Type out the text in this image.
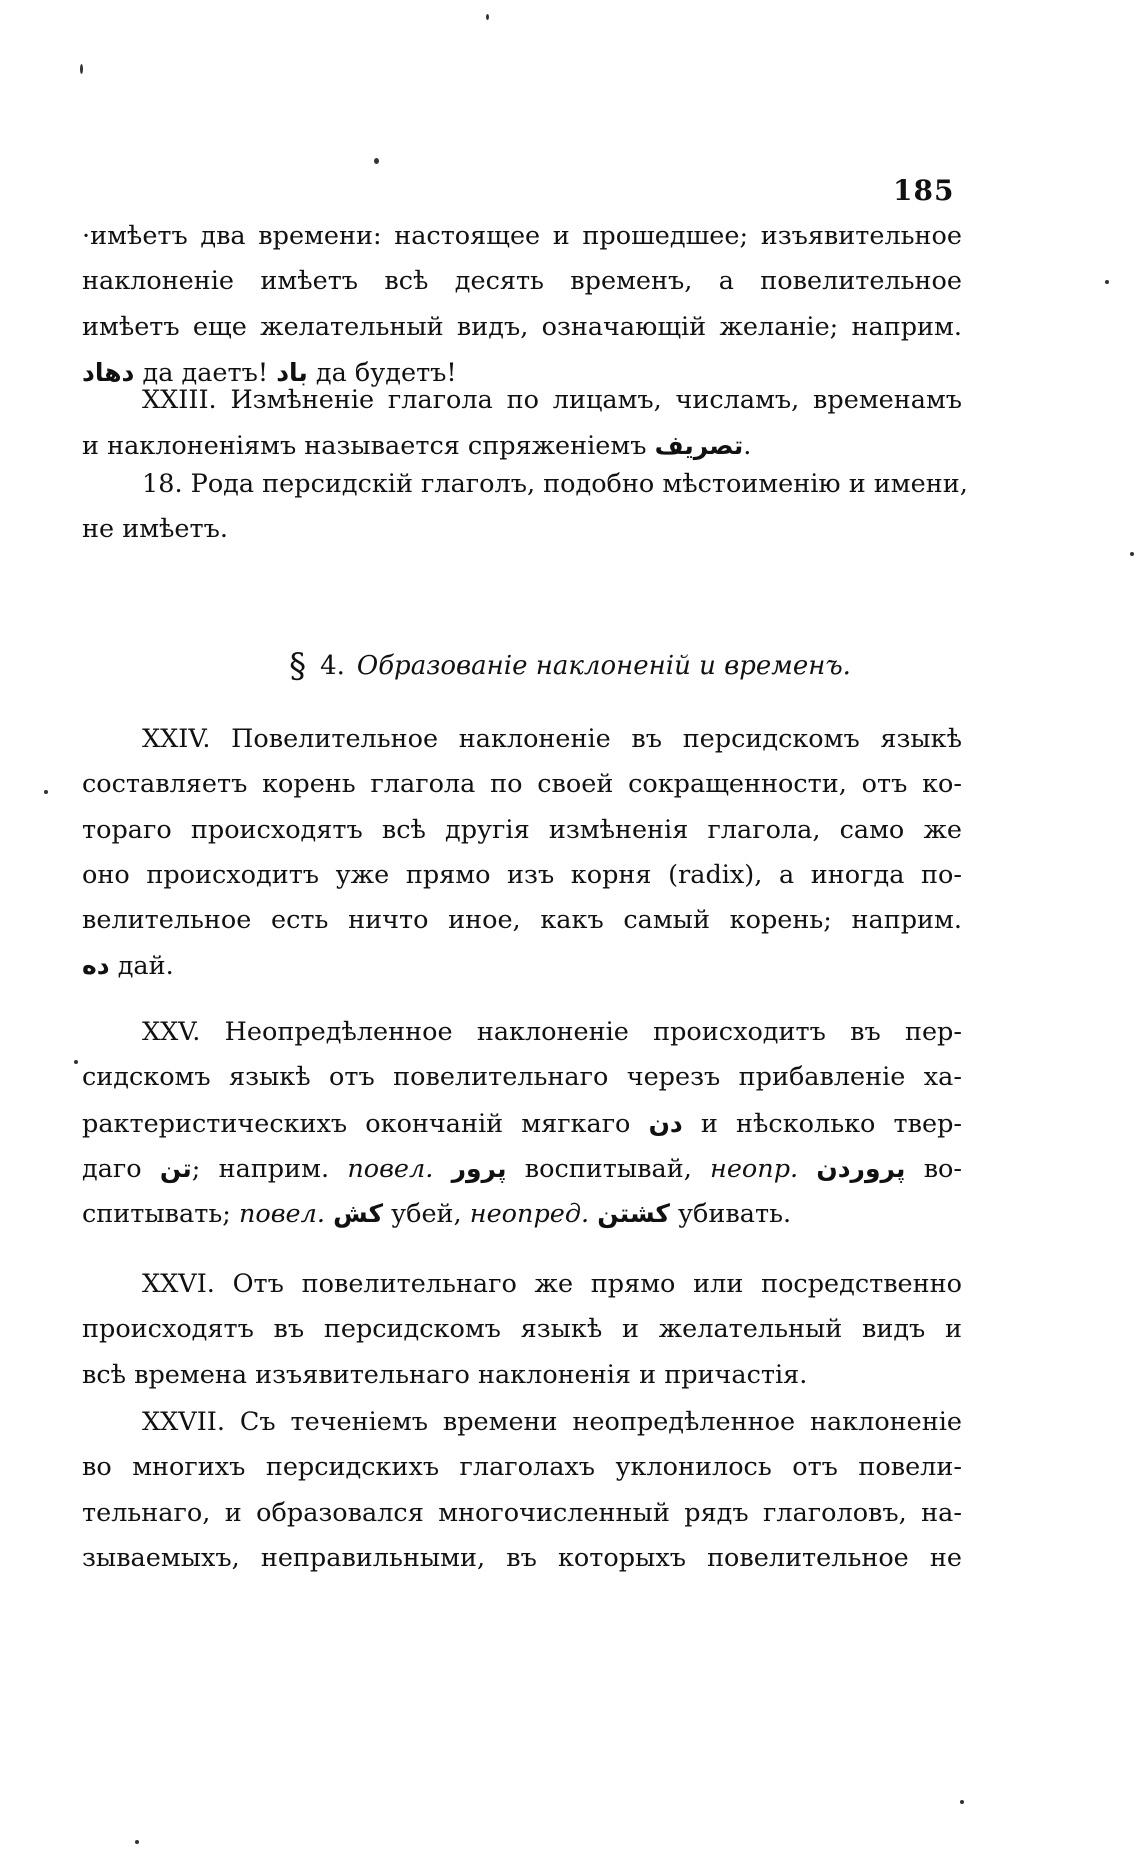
185
·имѣетъ два времени: настоящее и прошедшее; изъявительное
наклоненіе имѣетъ всѣ десять временъ, а повелительное
имѣетъ еще желательный видъ, означающій желаніе; наприм.
دهاد да даетъ! باد да будетъ!
XXIII. Измѣненіе глагола по лицамъ, числамъ, временамъ
и наклоненіямъ называется спряженіемъ تصريف.
18. Рода персидскій глаголъ, подобно мѣстоименію и имени,
не имѣетъ.
§ 4. Образованіе наклоненій и временъ.
XXIV. Повелительное наклоненіе въ персидскомъ языкѣ
составляетъ корень глагола по своей сокращенности, отъ ко-
тораго происходятъ всѣ другія измѣненія глагола, само же
оно происходитъ уже прямо изъ корня (radix), а иногда по-
велительное есть ничто иное, какъ самый корень; наприм.
ده дай.
XXV. Неопредѣленное наклоненіе происходитъ въ пер-
сидскомъ языкѣ отъ повелительнаго черезъ прибавленіе ха-
рактеристическихъ окончаній мягкаго دن и нѣсколько твер-
даго تن; наприм. повел. پرور воспитывай, неопр. پروردن во-
спитывать; повел. کش убей, неопред. کشتن убивать.
XXVI. Отъ повелительнаго же прямо или посредственно
происходятъ въ персидскомъ языкѣ и желательный видъ и
всѣ времена изъявительнаго наклоненія и причастія.
XXVII. Съ теченіемъ времени неопредѣленное наклоненіе
во многихъ персидскихъ глаголахъ уклонилось отъ повели-
тельнаго, и образовался многочисленный рядъ глаголовъ, на-
зываемыхъ, неправильными, въ которыхъ повелительное не
